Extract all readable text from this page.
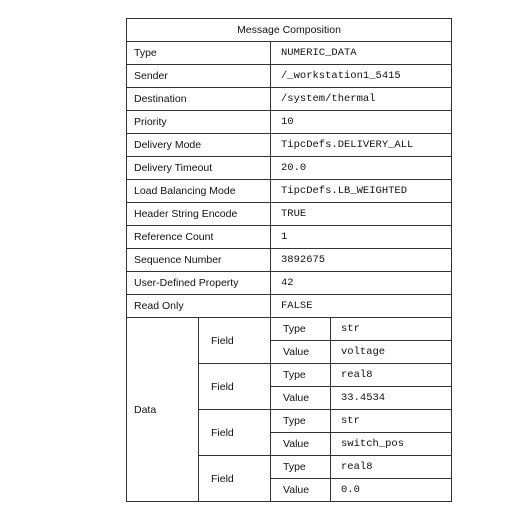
Message Composition			
Type		NUMERIC_DATA	
Sender		/_workstation1_5415	
Destination		/system/thermal	
Priority		10	
Delivery Mode		TipcDefs.DELIVERY_ALL	
Delivery Timeout		20.0	
Load Balancing Mode		TipcDefs.LB_WEIGHTED	
Header String Encode		TRUE	
Reference Count		1	
Sequence Number		3892675	
User-Defined Property		42	
Read Only		FALSE	
Data	Field	Type	str
		Value	voltage
	Field	Type	real8
		Value	33.4534
	Field	Type	str
		Value	switch_pos
	Field	Type	real8
		Value	0.0
